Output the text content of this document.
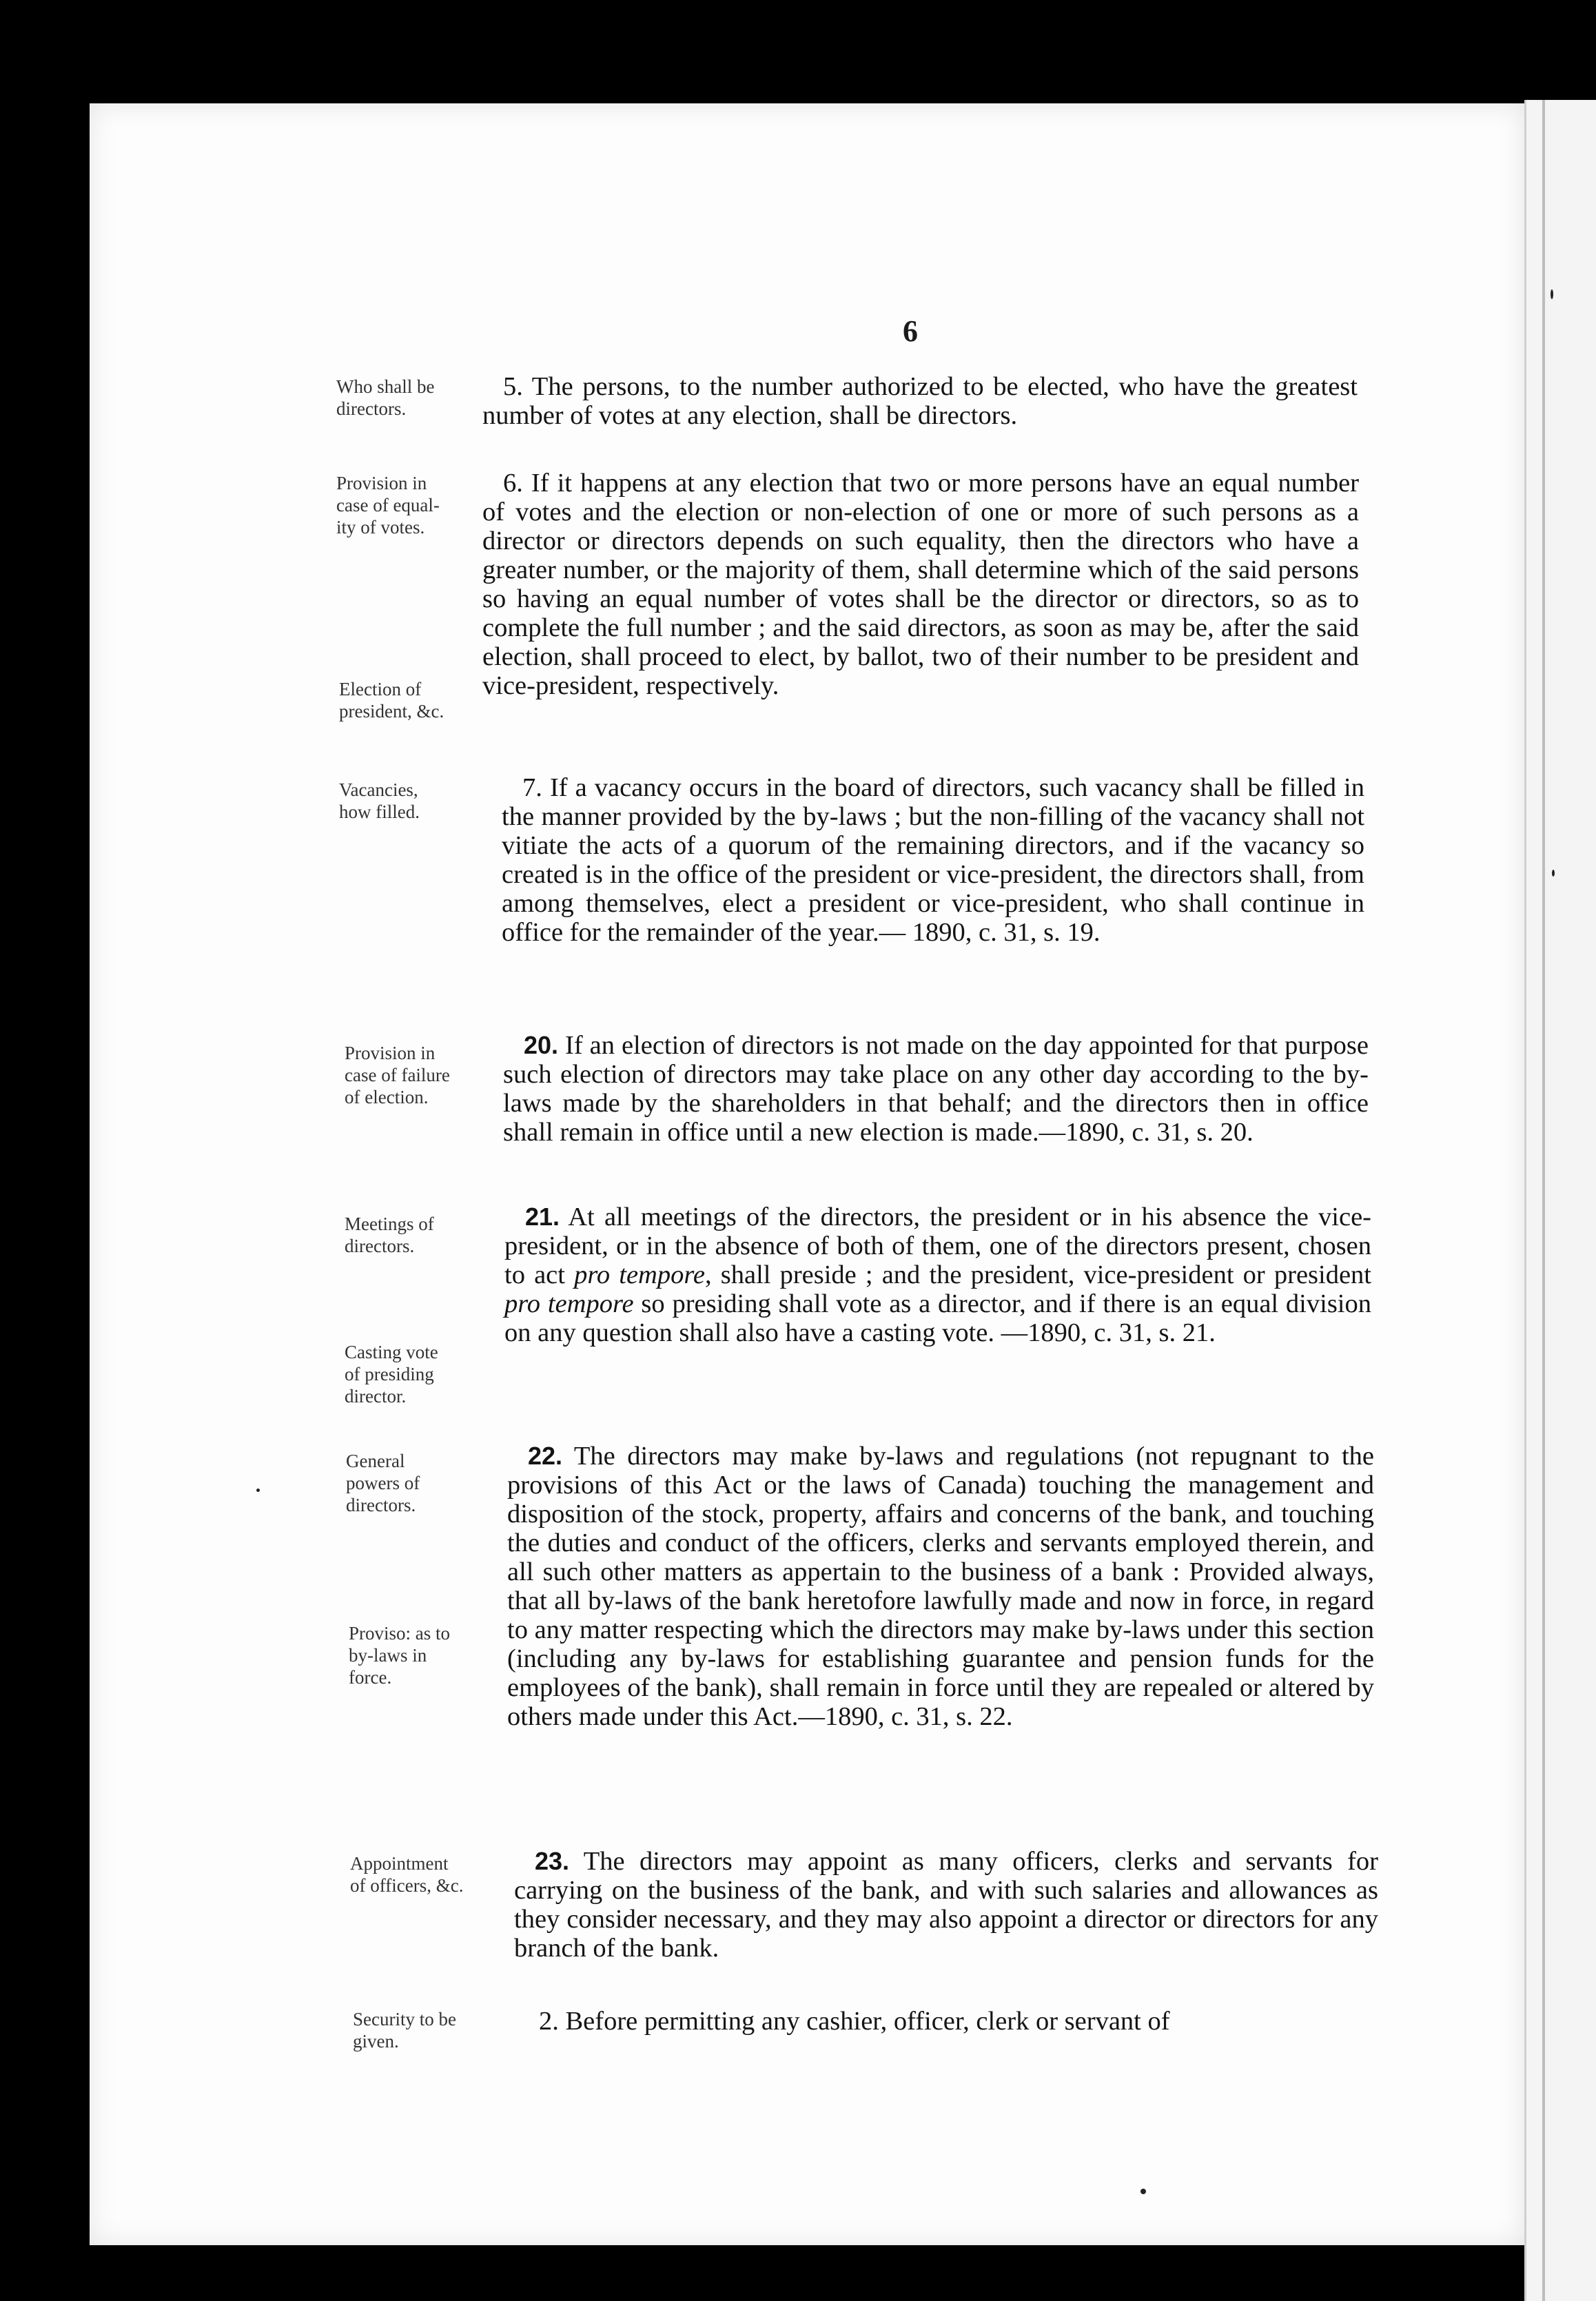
6
Who shall be
directors.
Provision in
case of equal-
ity of votes.
Election of
president, &c.
Vacancies,
how filled.
Provision in
case of failure
of election.
Meetings of
directors.
Casting vote
of presiding
director.
General
powers of
directors.
Proviso: as to
by-laws in
force.
Appointment
of officers, &c.
Security to be
given.
5. The persons, to the number authorized to be elected, who have the greatest number of votes at any election, shall be directors.
6. If it happens at any election that two or more persons have an equal number of votes and the election or non-election of one or more of such persons as a director or directors depends on such equality, then the directors who have a greater number, or the majority of them, shall determine which of the said persons so having an equal number of votes shall be the director or directors, so as to complete the full number ; and the said directors, as soon as may be, after the said election, shall proceed to elect, by ballot, two of their number to be president and vice-president, respectively.
7. If a vacancy occurs in the board of directors, such vacancy shall be filled in the manner provided by the by-laws ; but the non-filling of the vacancy shall not vitiate the acts of a quorum of the remaining directors, and if the vacancy so created is in the office of the president or vice-president, the directors shall, from among themselves, elect a president or vice-president, who shall continue in office for the remainder of the year.— 1890, c. 31, s. 19.
20. If an election of directors is not made on the day appointed for that purpose such election of directors may take place on any other day according to the by-laws made by the shareholders in that behalf; and the directors then in office shall remain in office until a new election is made.—1890, c. 31, s. 20.
21. At all meetings of the directors, the president or in his absence the vice-president, or in the absence of both of them, one of the directors present, chosen to act pro tempore, shall preside ; and the president, vice-president or president pro tempore so presiding shall vote as a director, and if there is an equal division on any question shall also have a casting vote. —1890, c. 31, s. 21.
22. The directors may make by-laws and regulations (not repugnant to the provisions of this Act or the laws of Canada) touching the management and disposition of the stock, property, affairs and concerns of the bank, and touching the duties and conduct of the officers, clerks and servants employed therein, and all such other matters as appertain to the business of a bank : Provided always, that all by-laws of the bank heretofore lawfully made and now in force, in regard to any matter respecting which the directors may make by-laws under this section (including any by-laws for establishing guarantee and pension funds for the employees of the bank), shall remain in force until they are repealed or altered by others made under this Act.—1890, c. 31, s. 22.
23. The directors may appoint as many officers, clerks and servants for carrying on the business of the bank, and with such salaries and allowances as they consider necessary, and they may also appoint a director or directors for any branch of the bank.
2. Before permitting any cashier, officer, clerk or servant of
